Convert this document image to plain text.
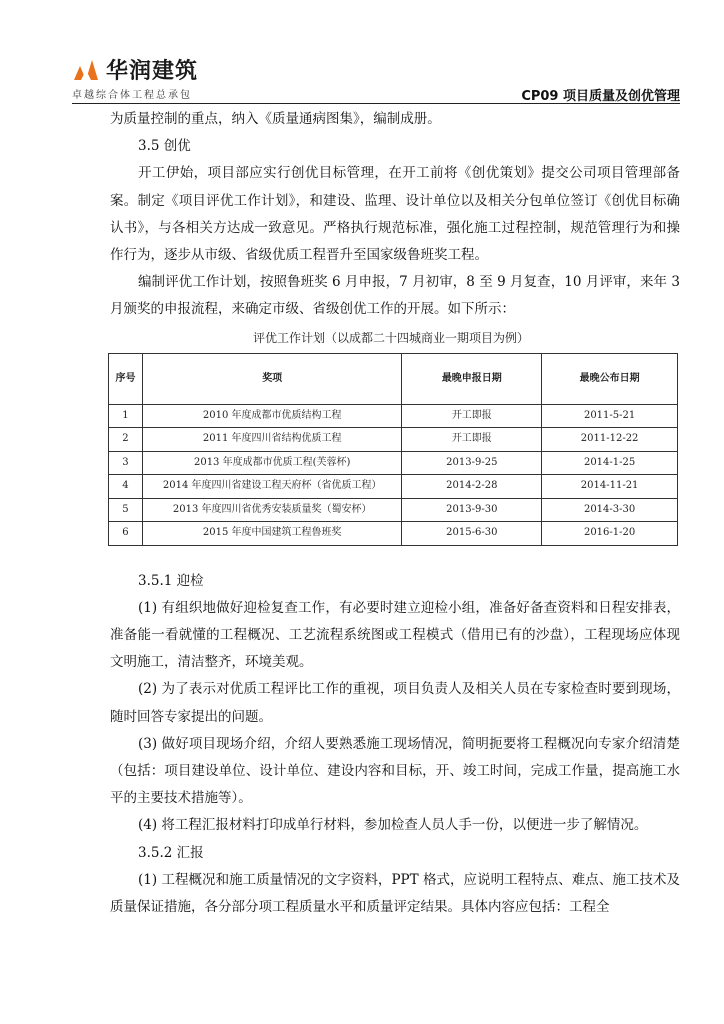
华润建筑
卓越综合体工程总承包	CP09 项目质量及创优管理

为质量控制的重点，纳入《质量通病图集》，编制成册。

3.5 创优

开工伊始，项目部应实行创优目标管理，在开工前将《创优策划》提交公司项目管理部备案。制定《项目评优工作计划》，和建设、监理、设计单位以及相关分包单位签订《创优目标确认书》，与各相关方达成一致意见。严格执行规范标准，强化施工过程控制，规范管理行为和操作行为，逐步从市级、省级优质工程晋升至国家级鲁班奖工程。

编制评优工作计划，按照鲁班奖 6 月申报，7 月初审，8 至 9 月复查，10 月评审，来年 3 月颁奖的申报流程，来确定市级、省级创优工作的开展。如下所示：

评优工作计划（以成都二十四城商业一期项目为例）
序号	奖项	最晚申报日期	最晚公布日期
1	2010 年度成都市优质结构工程	开工即报	2011-5-21
2	2011 年度四川省结构优质工程	开工即报	2011-12-22
3	2013 年度成都市优质工程(芙蓉杯)	2013-9-25	2014-1-25
4	2014 年度四川省建设工程天府杯（省优质工程）	2014-2-28	2014-11-21
5	2013 年度四川省优秀安装质量奖（蜀安杯）	2013-9-30	2014-3-30
6	2015 年度中国建筑工程鲁班奖	2015-6-30	2016-1-20

3.5.1 迎检

(1) 有组织地做好迎检复查工作，有必要时建立迎检小组，准备好备查资料和日程安排表，准备能一看就懂的工程概况、工艺流程系统图或工程模式（借用已有的沙盘），工程现场应体现文明施工，清洁整齐，环境美观。

(2) 为了表示对优质工程评比工作的重视，项目负责人及相关人员在专家检查时要到现场，随时回答专家提出的问题。

(3) 做好项目现场介绍，介绍人要熟悉施工现场情况，简明扼要将工程概况向专家介绍清楚（包括：项目建设单位、设计单位、建设内容和目标，开、竣工时间，完成工作量，提高施工水平的主要技术措施等）。

(4) 将工程汇报材料打印成单行材料，参加检查人员人手一份，以便进一步了解情况。

3.5.2 汇报

(1) 工程概况和施工质量情况的文字资料，PPT 格式，应说明工程特点、难点、施工技术及质量保证措施，各分部分项工程质量水平和质量评定结果。具体内容应包括：工程全
